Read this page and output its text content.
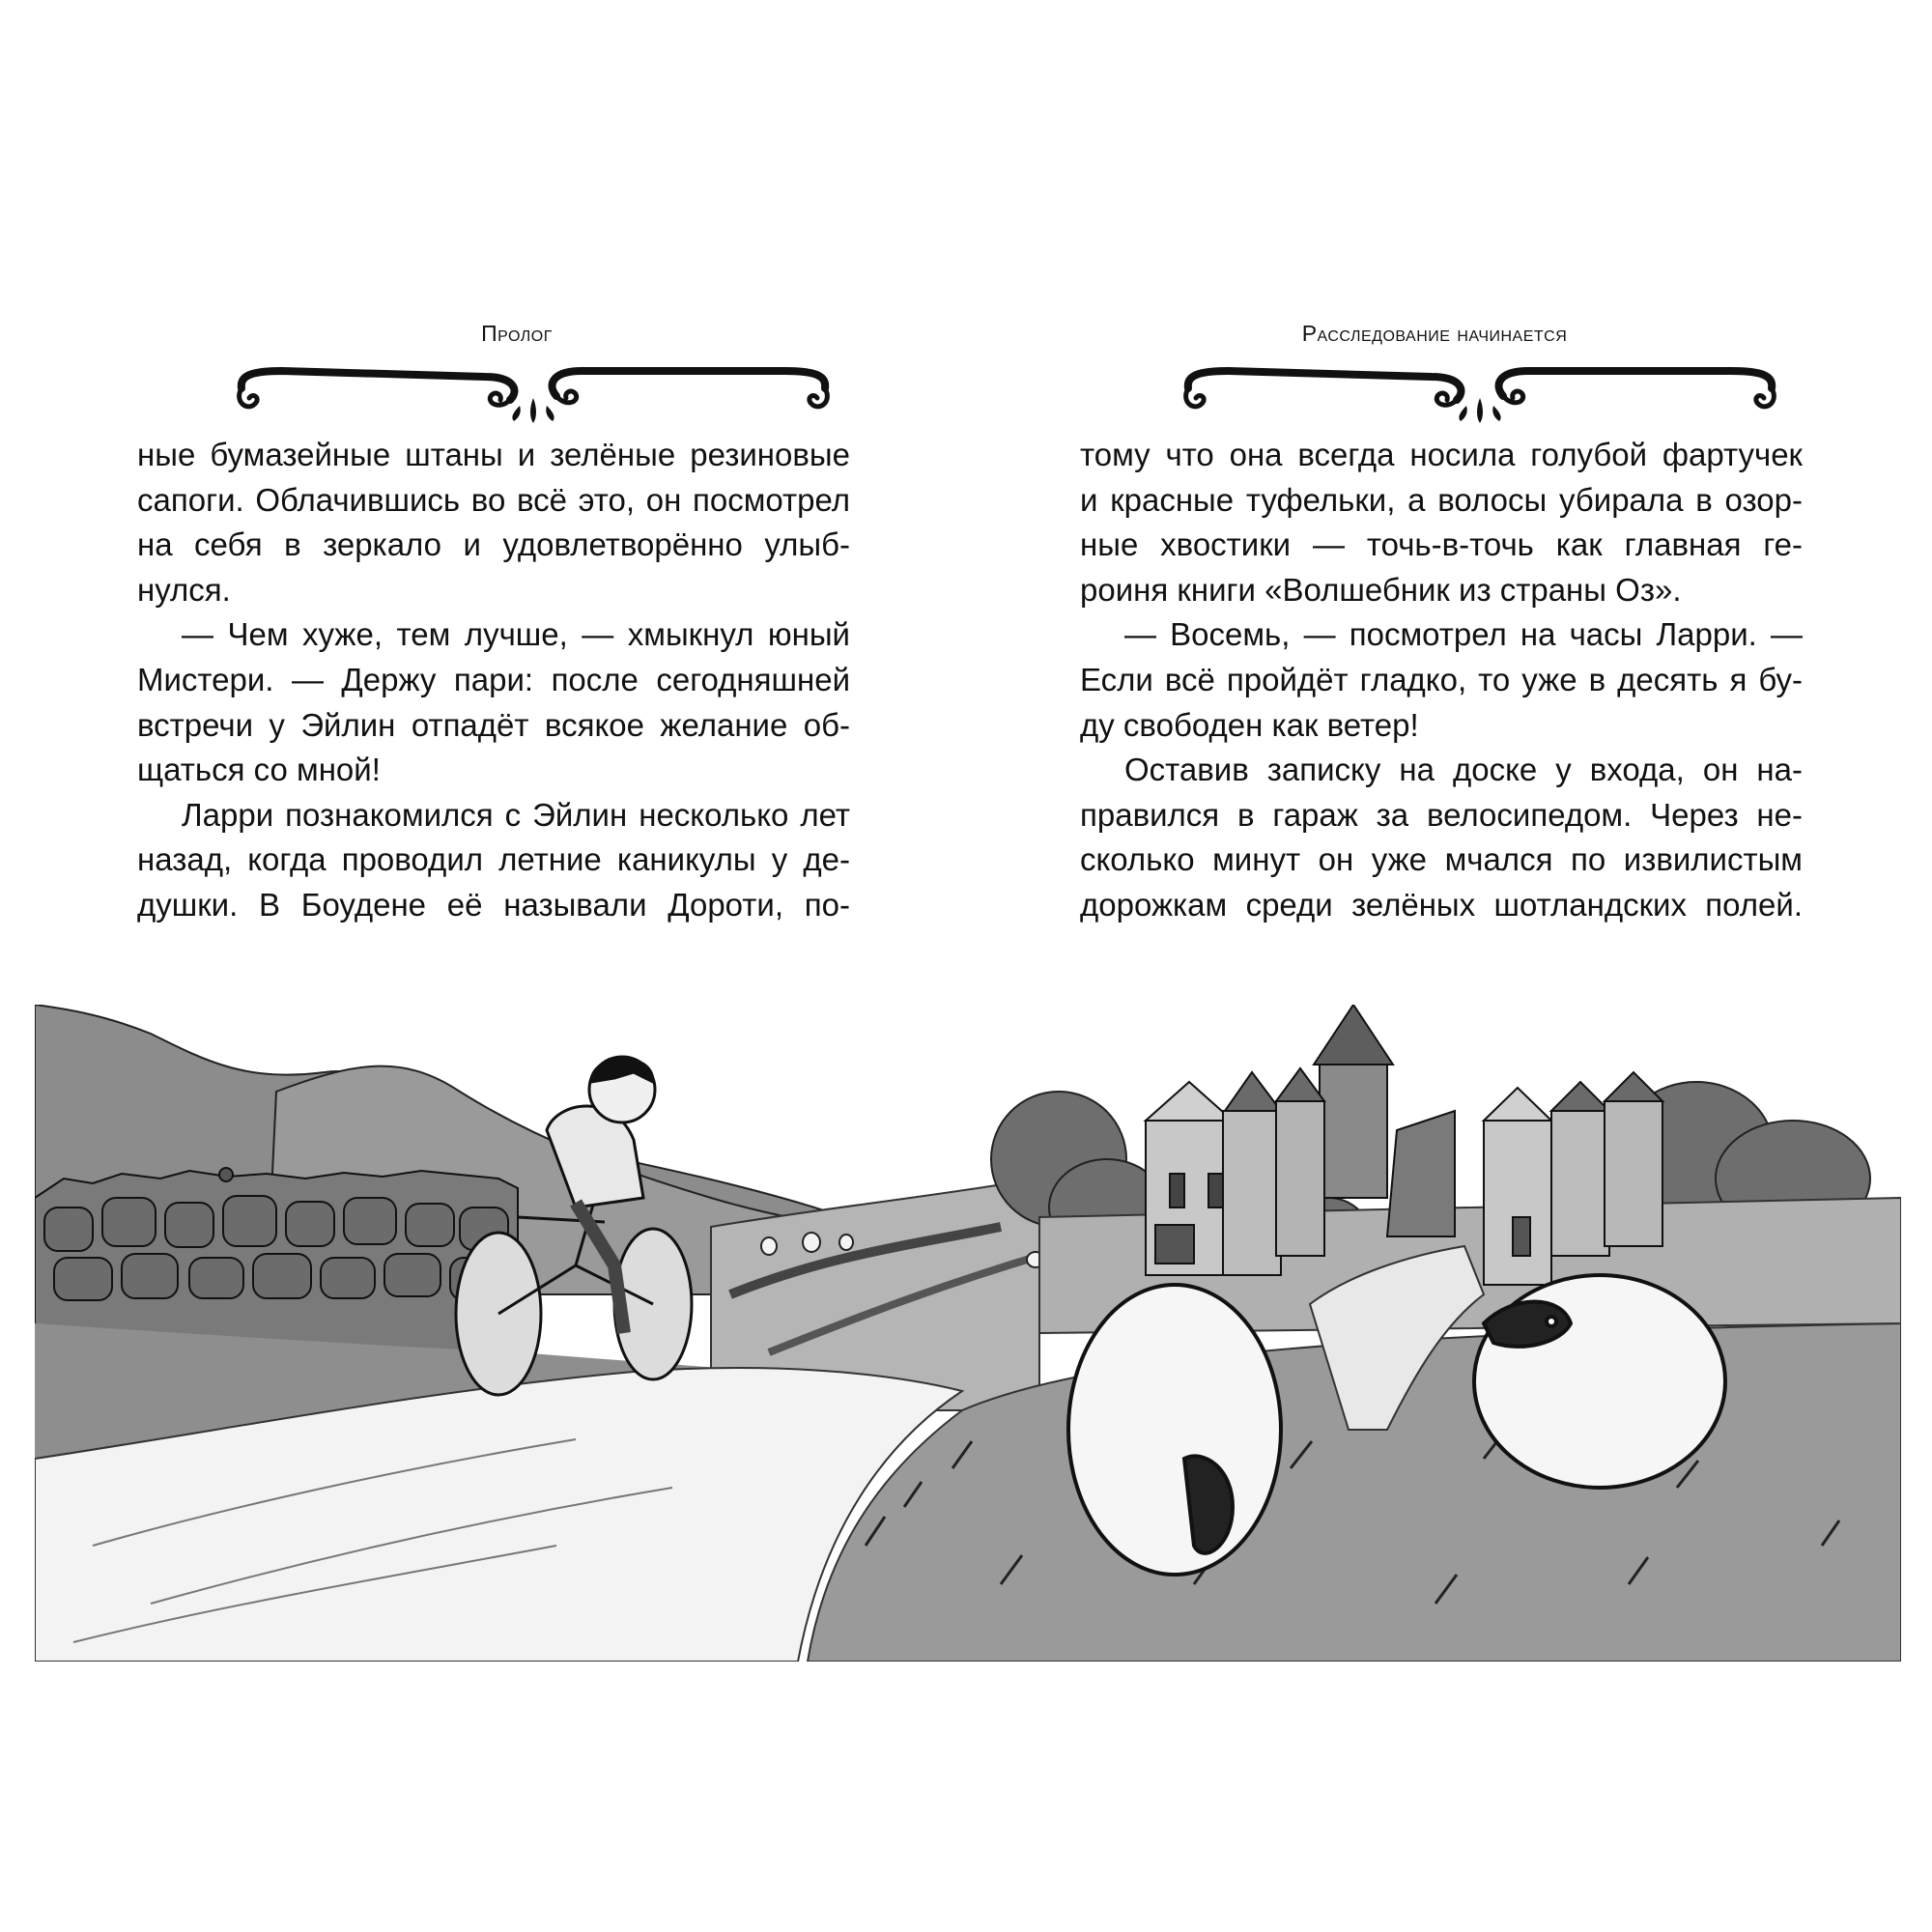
Пролог
ные бумазейные штаны и зелёные резиновые
сапоги. Облачившись во всё это, он посмотрел
на себя в зеркало и удовлетворённо улыб-
нулся.
— Чем хуже, тем лучше, — хмыкнул юный
Мистери. — Держу пари: после сегодняшней
встречи у Эйлин отпадёт всякое желание об-
щаться со мной!
Ларри познакомился с Эйлин несколько лет
назад, когда проводил летние каникулы у де-
душки. В Боудене её называли Дороти, по-
Расследование начинается
тому что она всегда носила голубой фартучек
и красные туфельки, а волосы убирала в озор-
ные хвостики — точь-в-точь как главная ге-
роиня книги «Волшебник из страны Оз».
— Восемь, — посмотрел на часы Ларри. —
Если всё пройдёт гладко, то уже в десять я бу-
ду свободен как ветер!
Оставив записку на доске у входа, он на-
правился в гараж за велосипедом. Через не-
сколько минут он уже мчался по извилистым
дорожкам среди зелёных шотландских полей.
